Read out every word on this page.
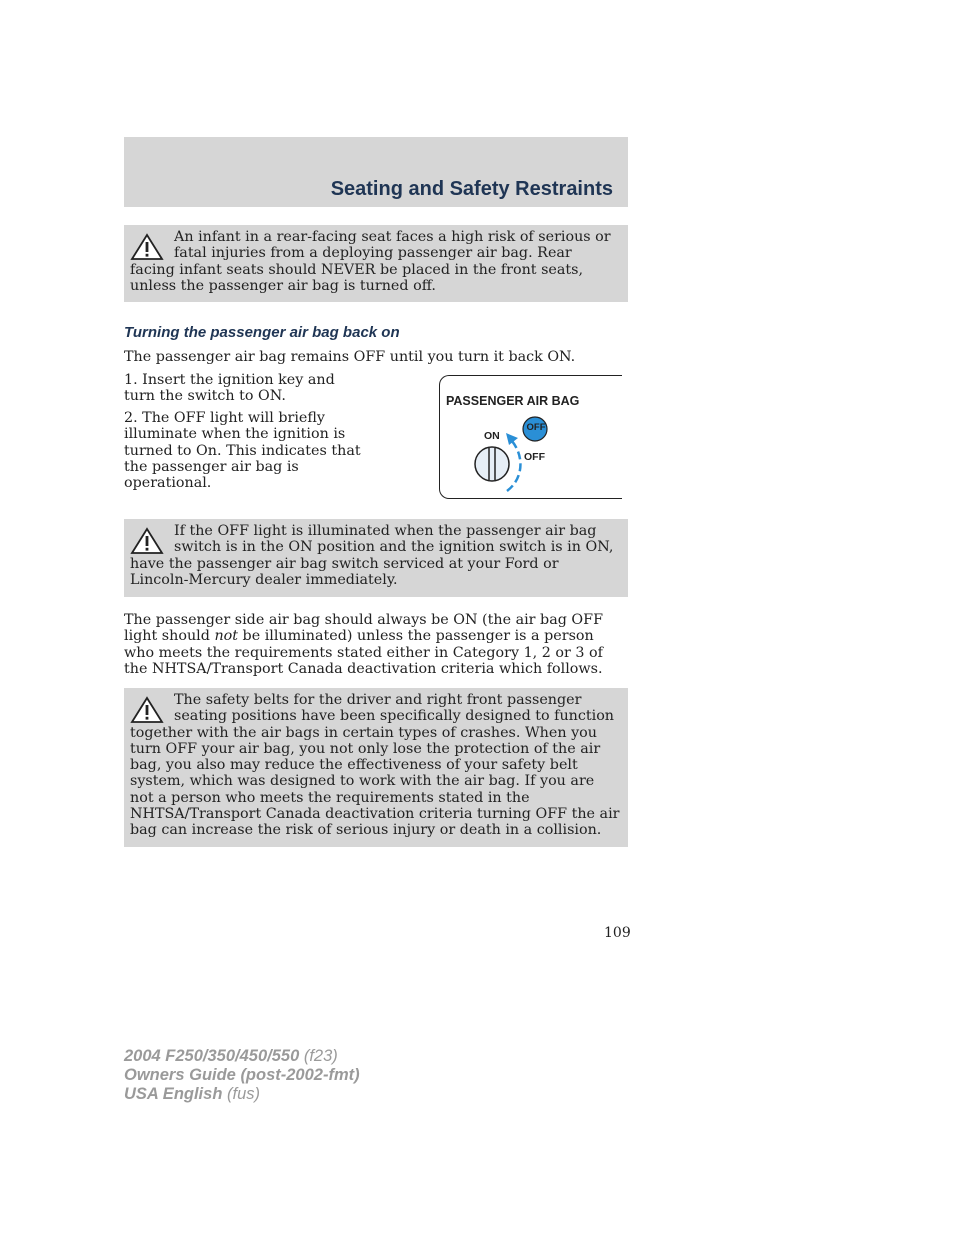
Seating and Safety Restraints
An infant in a rear-facing seat faces a high risk of serious or fatal injuries from a deploying passenger air bag. Rear facing infant seats should NEVER be placed in the front seats, unless the passenger air bag is turned off.
Turning the passenger air bag back on
The passenger air bag remains OFF until you turn it back ON.
1. Insert the ignition key and turn the switch to ON.
2. The OFF light will briefly illuminate when the ignition is turned to On. This indicates that the passenger air bag is operational.
PASSENGER AIR BAG
ON
OFF
OFF
If the OFF light is illuminated when the passenger air bag switch is in the ON position and the ignition switch is in ON, have the passenger air bag switch serviced at your Ford or Lincoln-Mercury dealer immediately.
The passenger side air bag should always be ON (the air bag OFF light should not be illuminated) unless the passenger is a person who meets the requirements stated either in Category 1, 2 or 3 of the NHTSA/Transport Canada deactivation criteria which follows.
The safety belts for the driver and right front passenger seating positions have been specifically designed to function together with the air bags in certain types of crashes. When you turn OFF your air bag, you not only lose the protection of the air bag, you also may reduce the effectiveness of your safety belt system, which was designed to work with the air bag. If you are not a person who meets the requirements stated in the NHTSA/Transport Canada deactivation criteria turning OFF the air bag can increase the risk of serious injury or death in a collision.
109
2004 F250/350/450/550 (f23)
Owners Guide (post-2002-fmt)
USA English (fus)
